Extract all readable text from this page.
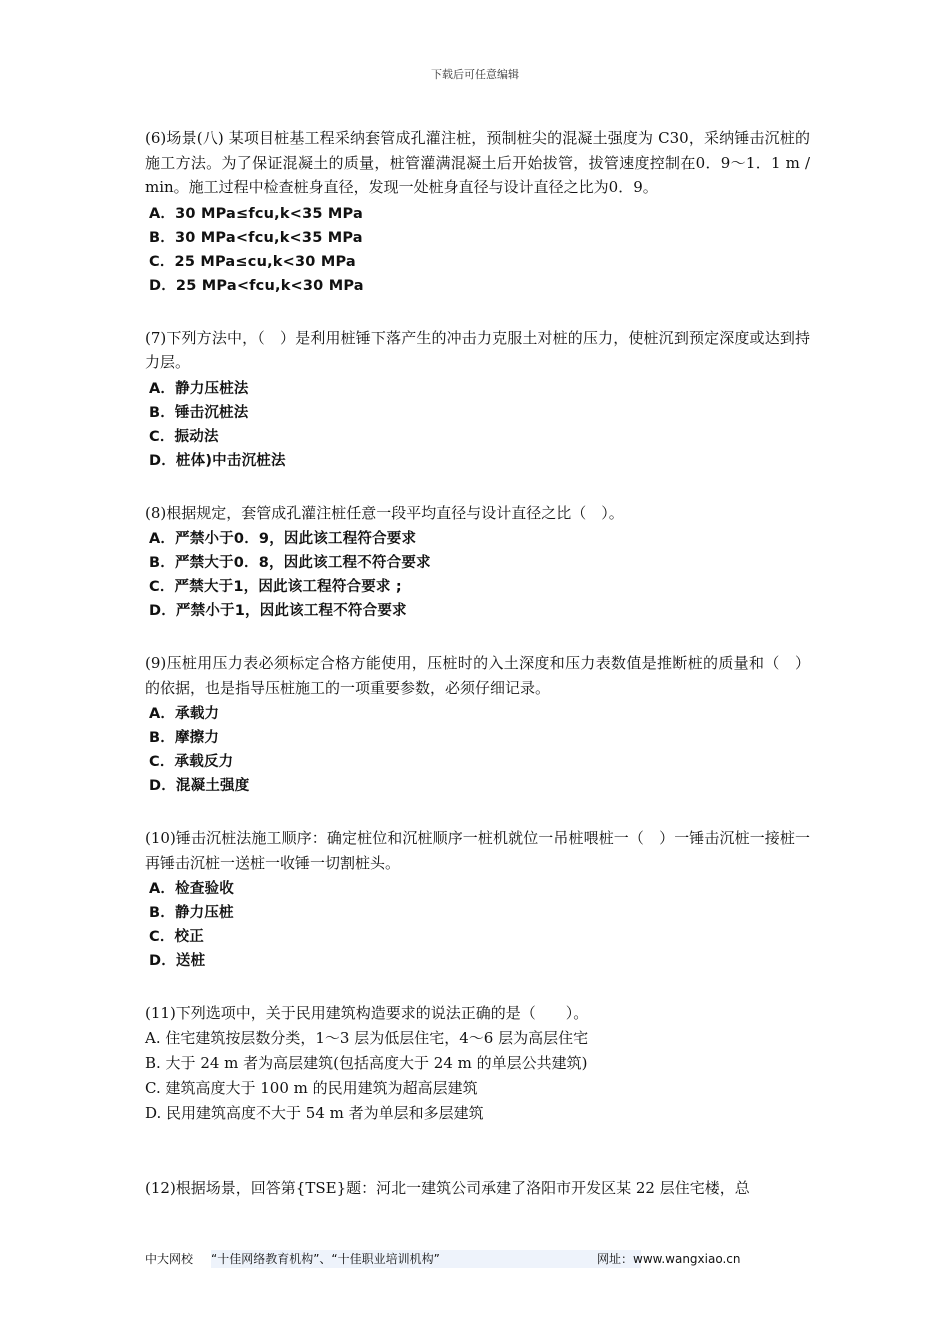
下载后可任意编辑

(6)场景(八) 某项目桩基工程采纳套管成孔灌注桩，预制桩尖的混凝土强度为 C30，采纳锤击沉桩的施工方法。为了保证混凝土的质量，桩管灌满混凝土后开始拔管，拔管速度控制在0．9～1．1 m / min。施工过程中检查桩身直径，发现一处桩身直径与设计直径之比为0．9。

A．30 MPa≤fcu,k<35 MPa
B．30 MPa<fcu,k<35 MPa
C．25 MPa≤cu,k<30 MPa
D．25 MPa<fcu,k<30 MPa

(7)下列方法中，（　）是利用桩锤下落产生的冲击力克服土对桩的压力，使桩沉到预定深度或达到持力层。

A．静力压桩法
B．锤击沉桩法
C．振动法
D．桩体)中击沉桩法

(8)根据规定，套管成孔灌注桩任意一段平均直径与设计直径之比（　）。

A．严禁小于0．9，因此该工程符合要求
B．严禁大于0．8，因此该工程不符合要求
C．严禁大于1，因此该工程符合要求 ;
D．严禁小于1，因此该工程不符合要求

(9)压桩用压力表必须标定合格方能使用，压桩时的入土深度和压力表数值是推断桩的质量和（　）的依据，也是指导压桩施工的一项重要参数，必须仔细记录。

A．承载力
B．摩擦力
C．承载反力
D．混凝土强度

(10)锤击沉桩法施工顺序：确定桩位和沉桩顺序一桩机就位一吊桩喂桩一（　）一锤击沉桩一接桩一再锤击沉桩一送桩一收锤一切割桩头。

A．检查验收
B．静力压桩
C．校正
D．送桩

(11)下列选项中，关于民用建筑构造要求的说法正确的是（　　）。

A. 住宅建筑按层数分类，1～3 层为低层住宅，4～6 层为高层住宅
B. 大于 24 m 者为高层建筑(包括高度大于 24 m 的单层公共建筑)
C. 建筑高度大于 100 m 的民用建筑为超高层建筑
D. 民用建筑高度不大于 54 m 者为单层和多层建筑

(12)根据场景，回答第{TSE}题：河北一建筑公司承建了洛阳市开发区某 22 层住宅楼，总

中大网校 “十佳网络教育机构”、“十佳职业培训机构”	网址：www.wangxiao.cn
